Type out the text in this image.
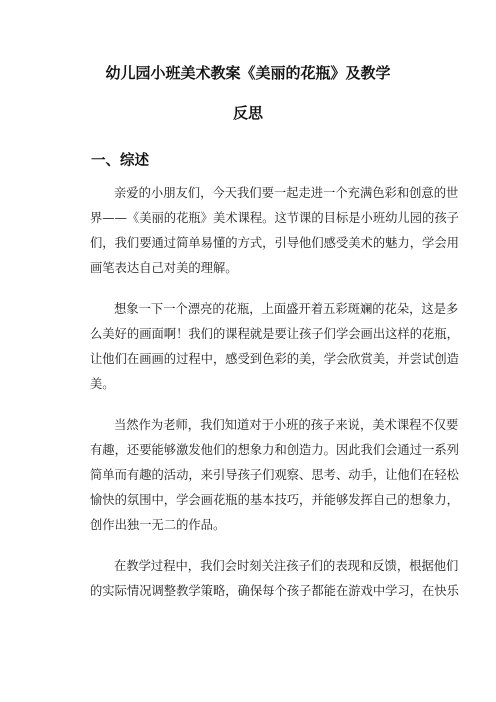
幼儿园小班美术教案《美丽的花瓶》及教学
反思
一、综述

亲爱的小朋友们，今天我们要一起走进一个充满色彩和创意的世

界——《美丽的花瓶》美术课程。这节课的目标是小班幼儿园的孩子

们，我们要通过简单易懂的方式，引导他们感受美术的魅力，学会用

画笔表达自己对美的理解。

想象一下一个漂亮的花瓶，上面盛开着五彩斑斓的花朵，这是多

么美好的画面啊！我们的课程就是要让孩子们学会画出这样的花瓶，

让他们在画画的过程中，感受到色彩的美，学会欣赏美，并尝试创造

美。

当然作为老师，我们知道对于小班的孩子来说，美术课程不仅要

有趣，还要能够激发他们的想象力和创造力。因此我们会通过一系列

简单而有趣的活动，来引导孩子们观察、思考、动手，让他们在轻松

愉快的氛围中，学会画花瓶的基本技巧，并能够发挥自己的想象力，

创作出独一无二的作品。

在教学过程中，我们会时刻关注孩子们的表现和反馈，根据他们

的实际情况调整教学策略，确保每个孩子都能在游戏中学习，在快乐
